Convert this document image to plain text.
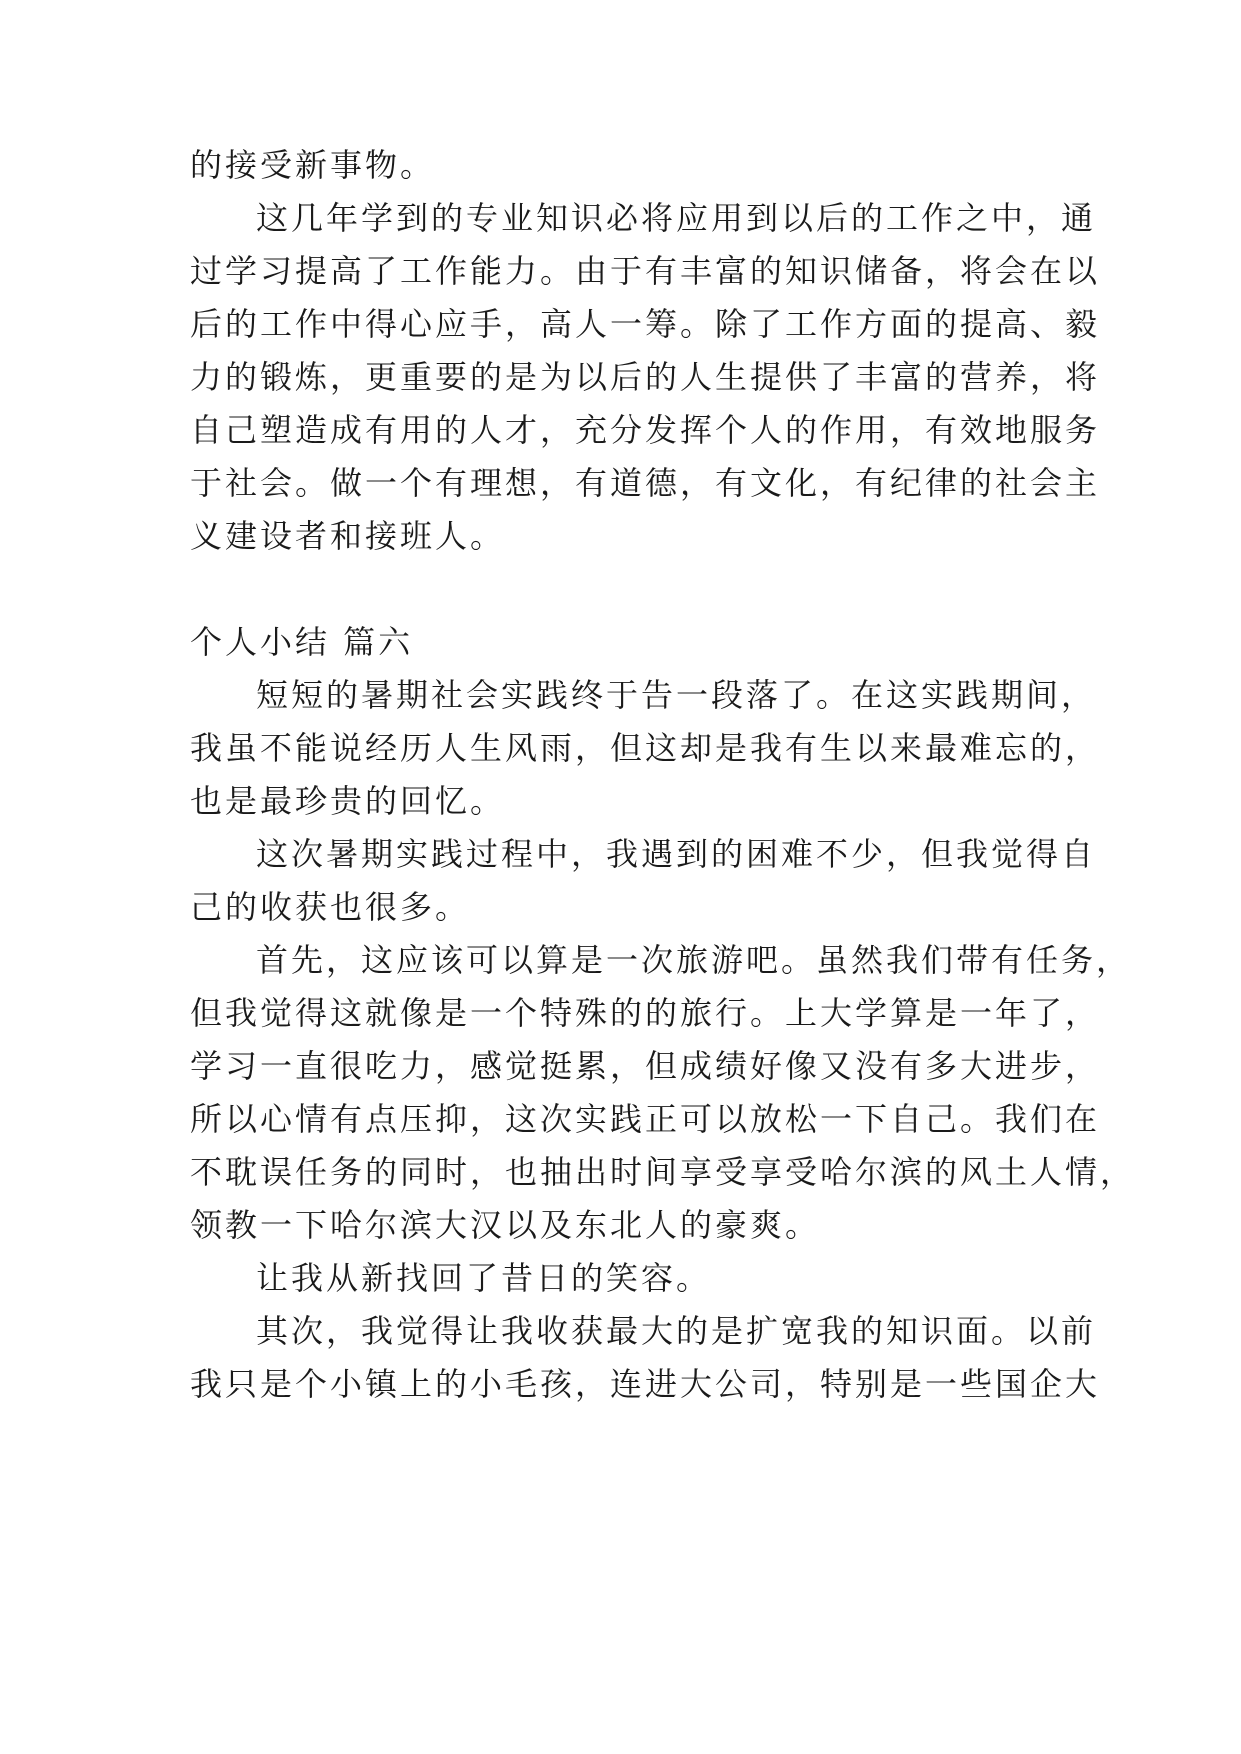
的接受新事物。
这几年学到的专业知识必将应用到以后的工作之中，通
过学习提高了工作能力。由于有丰富的知识储备，将会在以
后的工作中得心应手，高人一筹。除了工作方面的提高、毅
力的锻炼，更重要的是为以后的人生提供了丰富的营养，将
自己塑造成有用的人才，充分发挥个人的作用，有效地服务
于社会。做一个有理想，有道德，有文化，有纪律的社会主
义建设者和接班人。
个人小结 篇六
短短的暑期社会实践终于告一段落了。在这实践期间，
我虽不能说经历人生风雨，但这却是我有生以来最难忘的，
也是最珍贵的回忆。
这次暑期实践过程中，我遇到的困难不少，但我觉得自
己的收获也很多。
首先，这应该可以算是一次旅游吧。虽然我们带有任务，
但我觉得这就像是一个特殊的的旅行。上大学算是一年了，
学习一直很吃力，感觉挺累，但成绩好像又没有多大进步，
所以心情有点压抑，这次实践正可以放松一下自己。我们在
不耽误任务的同时，也抽出时间享受享受哈尔滨的风土人情，
领教一下哈尔滨大汉以及东北人的豪爽。
让我从新找回了昔日的笑容。
其次，我觉得让我收获最大的是扩宽我的知识面。以前
我只是个小镇上的小毛孩，连进大公司，特别是一些国企大
